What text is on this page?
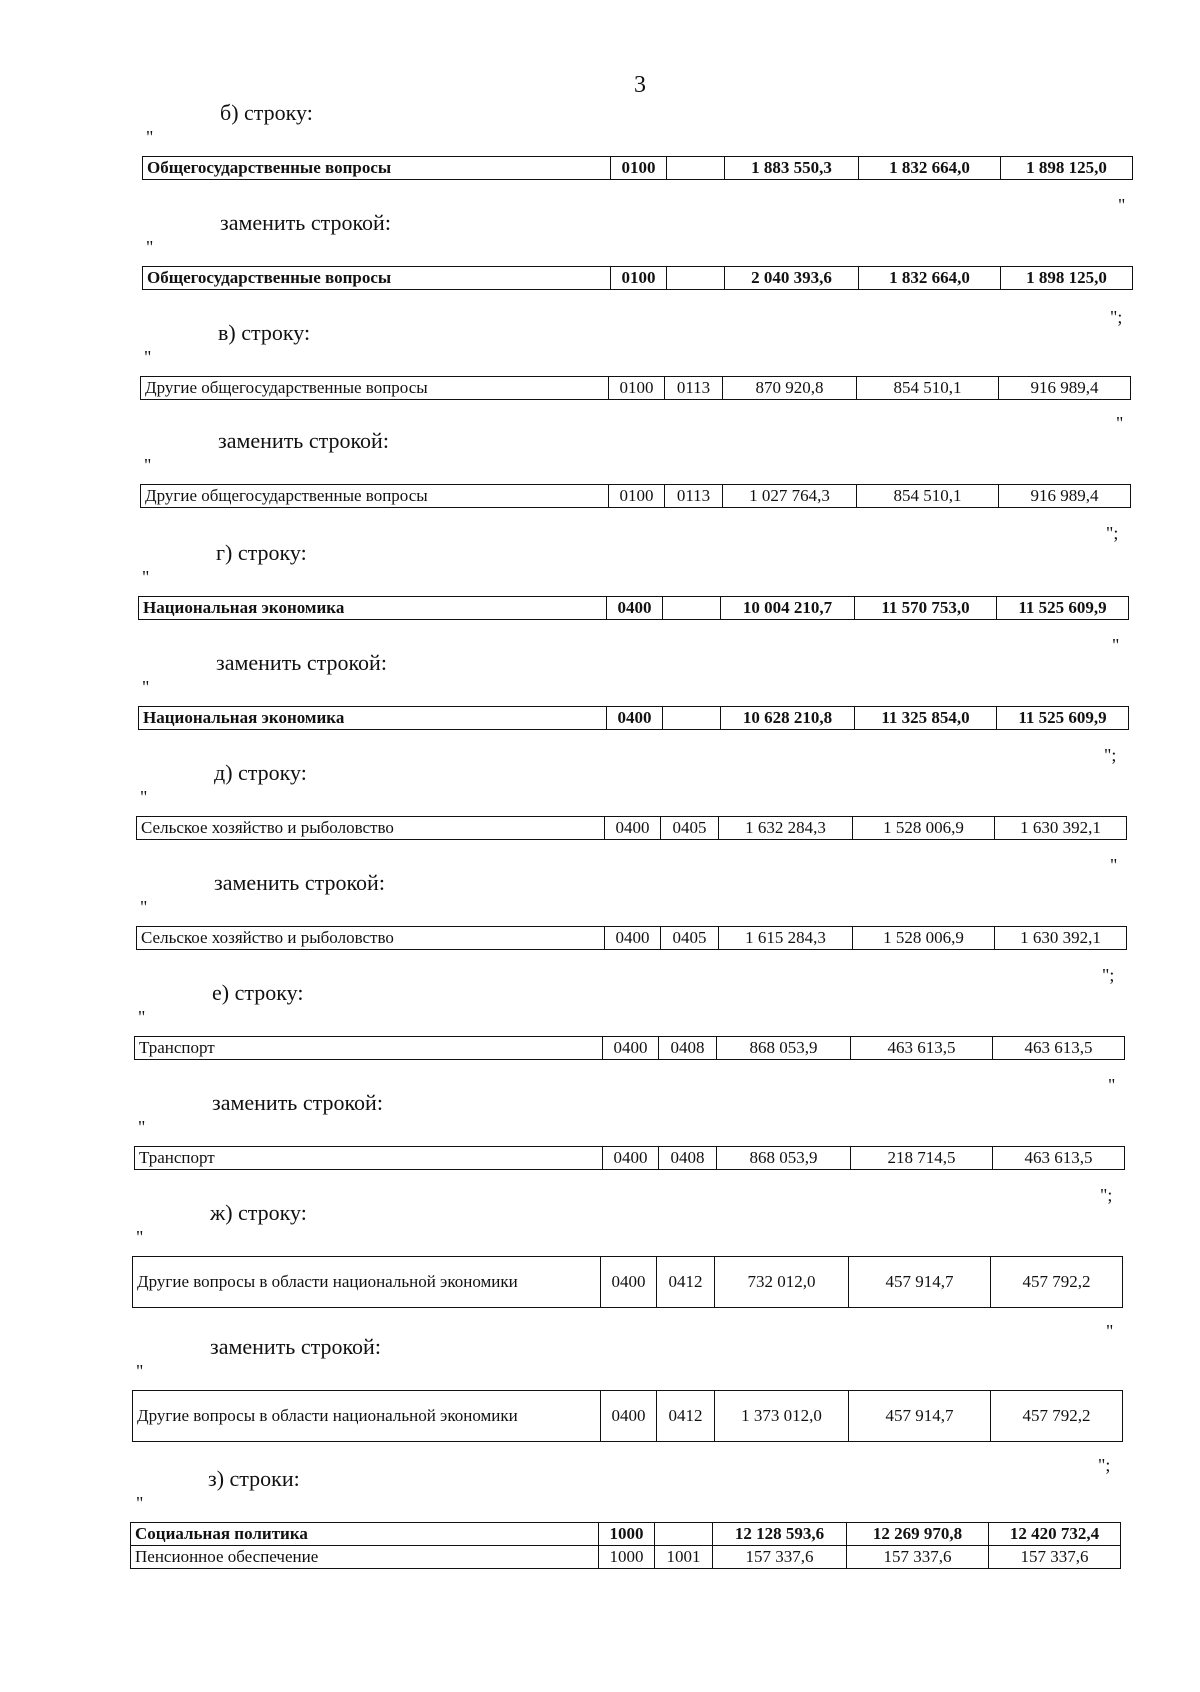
3
б) строку:
"
Общегосударственные вопросы	0100		1 883 550,3	1 832 664,0	1 898 125,0
"
заменить строкой:
"
Общегосударственные вопросы	0100		2 040 393,6	1 832 664,0	1 898 125,0
";
в) строку:
"
Другие общегосударственные вопросы	0100	0113	870 920,8	854 510,1	916 989,4
"
заменить строкой:
"
Другие общегосударственные вопросы	0100	0113	1 027 764,3	854 510,1	916 989,4
";
г) строку:
"
Национальная экономика	0400		10 004 210,7	11 570 753,0	11 525 609,9
"
заменить строкой:
"
Национальная экономика	0400		10 628 210,8	11 325 854,0	11 525 609,9
";
д) строку:
"
Сельское хозяйство и рыболовство	0400	0405	1 632 284,3	1 528 006,9	1 630 392,1
"
заменить строкой:
"
Сельское хозяйство и рыболовство	0400	0405	1 615 284,3	1 528 006,9	1 630 392,1
";
е) строку:
"
Транспорт	0400	0408	868 053,9	463 613,5	463 613,5
"
заменить строкой:
"
Транспорт	0400	0408	868 053,9	218 714,5	463 613,5
";
ж) строку:
"
Другие вопросы в области национальной экономики	0400	0412	732 012,0	457 914,7	457 792,2
"
заменить строкой:
"
Другие вопросы в области национальной экономики	0400	0412	1 373 012,0	457 914,7	457 792,2
";
з) строки:
"
Социальная политика	1000		12 128 593,6	12 269 970,8	12 420 732,4
Пенсионное обеспечение	1000	1001	157 337,6	157 337,6	157 337,6
